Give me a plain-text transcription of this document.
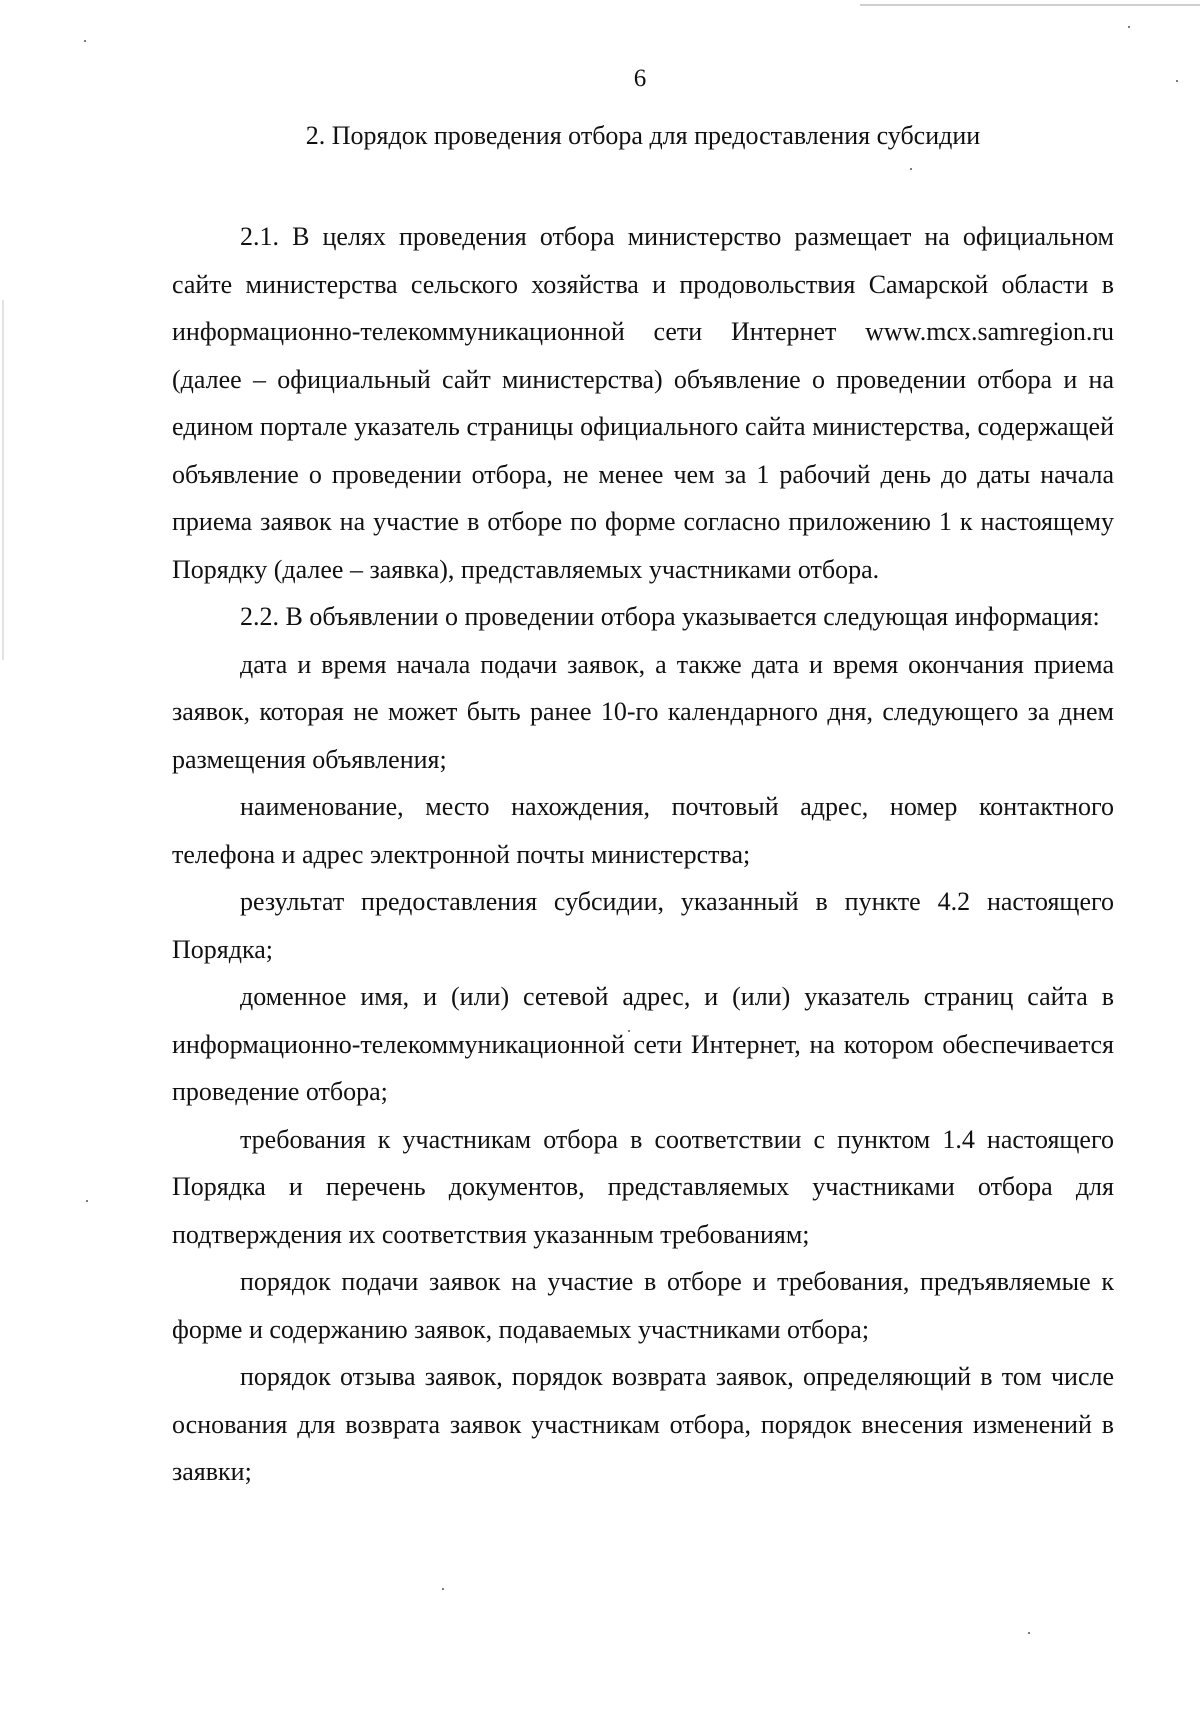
6
2. Порядок проведения отбора для предоставления субсидии

2.1. В целях проведения отбора министерство размещает на официальном сайте министерства сельского хозяйства и продовольствия Самарской области в информационно-телекоммуникационной сети Интернет www.mcx.samregion.ru (далее – официальный сайт министерства) объявление о проведении отбора и на едином портале указатель страницы официального сайта министерства, содержащей объявление о проведении отбора, не менее чем за 1 рабочий день до даты начала приема заявок на участие в отборе по форме согласно приложению 1 к настоящему Порядку (далее – заявка), представляемых участниками отбора.

2.2. В объявлении о проведении отбора указывается следующая информация:

дата и время начала подачи заявок, а также дата и время окончания приема заявок, которая не может быть ранее 10-го календарного дня, следующего за днем размещения объявления;

наименование, место нахождения, почтовый адрес, номер контактного телефона и адрес электронной почты министерства;

результат предоставления субсидии, указанный в пункте 4.2 настоящего Порядка;

доменное имя, и (или) сетевой адрес, и (или) указатель страниц сайта в информационно-телекоммуникационной сети Интернет, на котором обеспечивается проведение отбора;

требования к участникам отбора в соответствии с пунктом 1.4 настоящего Порядка и перечень документов, представляемых участниками отбора для подтверждения их соответствия указанным требованиям;

порядок подачи заявок на участие в отборе и требования, предъявляемые к форме и содержанию заявок, подаваемых участниками отбора;

порядок отзыва заявок, порядок возврата заявок, определяющий в том числе основания для возврата заявок участникам отбора, порядок внесения изменений в заявки;
